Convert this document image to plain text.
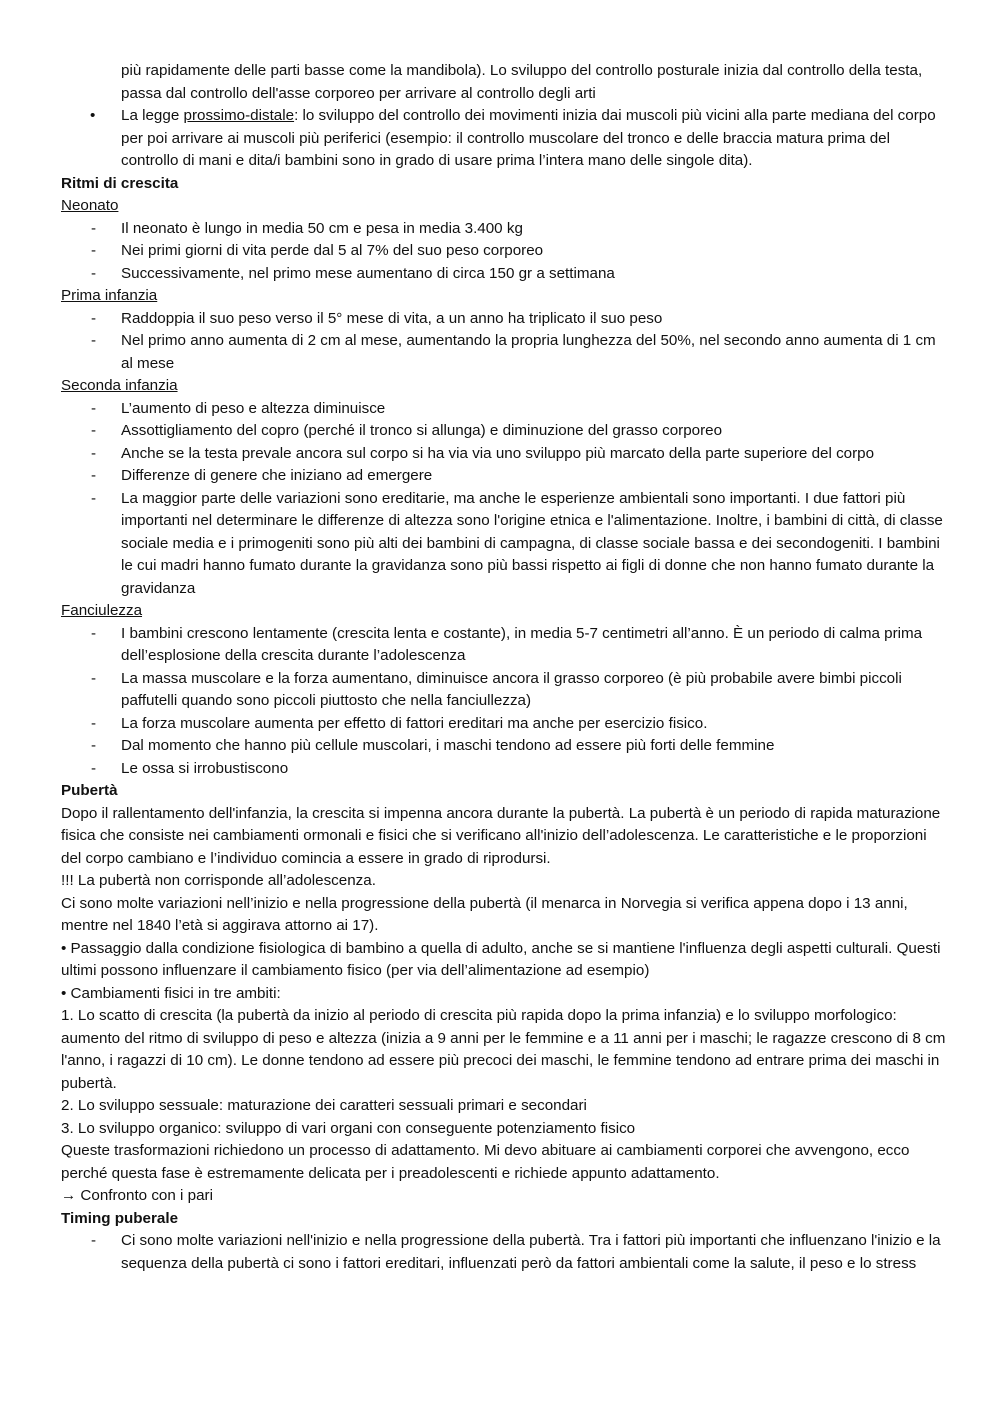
più rapidamente delle parti basse come la mandibola). Lo sviluppo del controllo posturale inizia dal controllo della testa, passa dal controllo dell'asse corporeo per arrivare al controllo degli arti

• La legge prossimo-distale: lo sviluppo del controllo dei movimenti inizia dai muscoli più vicini alla parte mediana del corpo per poi arrivare ai muscoli più periferici (esempio: il controllo muscolare del tronco e delle braccia matura prima del controllo di mani e dita/i bambini sono in grado di usare prima l’intera mano delle singole dita).

Ritmi di crescita

Neonato

- Il neonato è lungo in media 50 cm e pesa in media 3.400 kg
- Nei primi giorni di vita perde dal 5 al 7% del suo peso corporeo
- Successivamente, nel primo mese aumentano di circa 150 gr a settimana

Prima infanzia

- Raddoppia il suo peso verso il 5° mese di vita, a un anno ha triplicato il suo peso
- Nel primo anno aumenta di 2 cm al mese, aumentando la propria lunghezza del 50%, nel secondo anno aumenta di 1 cm al mese

Seconda infanzia

- L’aumento di peso e altezza diminuisce
- Assottigliamento del copro (perché il tronco si allunga) e diminuzione del grasso corporeo
- Anche se la testa prevale ancora sul corpo si ha via via uno sviluppo più marcato della parte superiore del corpo
- Differenze di genere che iniziano ad emergere
- La maggior parte delle variazioni sono ereditarie, ma anche le esperienze ambientali sono importanti. I due fattori più importanti nel determinare le differenze di altezza sono l'origine etnica e l'alimentazione. Inoltre, i bambini di città, di classe sociale media e i primogeniti sono più alti dei bambini di campagna, di classe sociale bassa e dei secondogeniti. I bambini le cui madri hanno fumato durante la gravidanza sono più bassi rispetto ai figli di donne che non hanno fumato durante la gravidanza

Fanciulezza

- I bambini crescono lentamente (crescita lenta e costante), in media 5-7 centimetri all’anno. È un periodo di calma prima dell’esplosione della crescita durante l’adolescenza
- La massa muscolare e la forza aumentano, diminuisce ancora il grasso corporeo (è più probabile avere bimbi piccoli paffutelli quando sono piccoli piuttosto che nella fanciullezza)
- La forza muscolare aumenta per effetto di fattori ereditari ma anche per esercizio fisico.
- Dal momento che hanno più cellule muscolari, i maschi tendono ad essere più forti delle femmine
- Le ossa si irrobustiscono

Pubertà

Dopo il rallentamento dell'infanzia, la crescita si impenna ancora durante la pubertà. La pubertà è un periodo di rapida maturazione fisica che consiste nei cambiamenti ormonali e fisici che si verificano all'inizio dell’adolescenza. Le caratteristiche e le proporzioni del corpo cambiano e l’individuo comincia a essere in grado di riprodursi.

!!! La pubertà non corrisponde all’adolescenza.

Ci sono molte variazioni nell’inizio e nella progressione della pubertà (il menarca in Norvegia si verifica appena dopo i 13 anni, mentre nel 1840 l’età si aggirava attorno ai 17).

• Passaggio dalla condizione fisiologica di bambino a quella di adulto, anche se si mantiene l'influenza degli aspetti culturali. Questi ultimi possono influenzare il cambiamento fisico (per via dell’alimentazione ad esempio)

• Cambiamenti fisici in tre ambiti:

1. Lo scatto di crescita (la pubertà da inizio al periodo di crescita più rapida dopo la prima infanzia) e lo sviluppo morfologico: aumento del ritmo di sviluppo di peso e altezza (inizia a 9 anni per le femmine e a 11 anni per i maschi; le ragazze crescono di 8 cm l'anno, i ragazzi di 10 cm). Le donne tendono ad essere più precoci dei maschi, le femmine tendono ad entrare prima dei maschi in pubertà.

2. Lo sviluppo sessuale: maturazione dei caratteri sessuali primari e secondari

3. Lo sviluppo organico: sviluppo di vari organi con conseguente potenziamento fisico

Queste trasformazioni richiedono un processo di adattamento. Mi devo abituare ai cambiamenti corporei che avvengono, ecco perché questa fase è estremamente delicata per i preadolescenti e richiede appunto adattamento.

→ Confronto con i pari

Timing puberale

- Ci sono molte variazioni nell'inizio e nella progressione della pubertà. Tra i fattori più importanti che influenzano l'inizio e la sequenza della pubertà ci sono i fattori ereditari, influenzati però da fattori ambientali come la salute, il peso e lo stress
